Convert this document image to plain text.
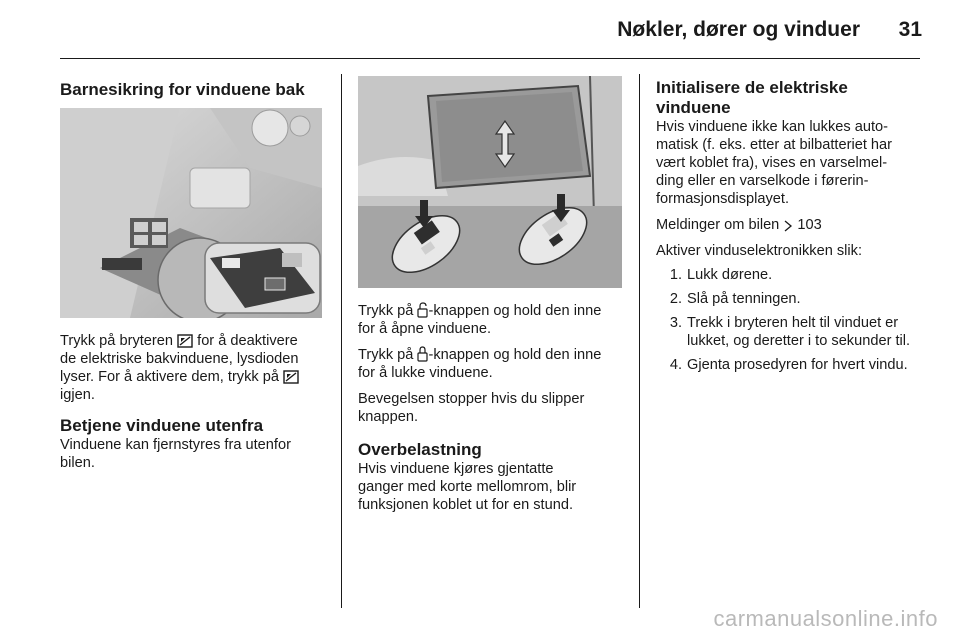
Nøkler, dører og vinduer	31
Barnesikring for vinduene bak

Trykk på bryteren for å deaktivere
de elektriske bakvinduene, lysdioden
lyser. For å aktivere dem, trykk på
igjen.

Betjene vinduene utenfra

Vinduene kan fjernstyres fra utenfor
bilen.

Trykk på -knappen og hold den inne
for å åpne vinduene.

Trykk på -knappen og hold den inne
for å lukke vinduene.

Bevegelsen stopper hvis du slipper
knappen.

Overbelastning

Hvis vinduene kjøres gjentatte
ganger med korte mellomrom, blir
funksjonen koblet ut for en stund.

Initialisere de elektriske
vinduene

Hvis vinduene ikke kan lukkes auto-
matisk (f. eks. etter at bilbatteriet har
vært koblet fra), vises en varselmel-
ding eller en varselkode i førerin-
formasjonsdisplayet.

Meldinger om bilen  103

Aktiver vinduselektronikken slik:

1. Lukk dørene.
2. Slå på tenningen.
3. Trekk i bryteren helt til vinduet er lukket, og deretter i to sekunder til.
4. Gjenta prosedyren for hvert vindu.
carmanualsonline.info
